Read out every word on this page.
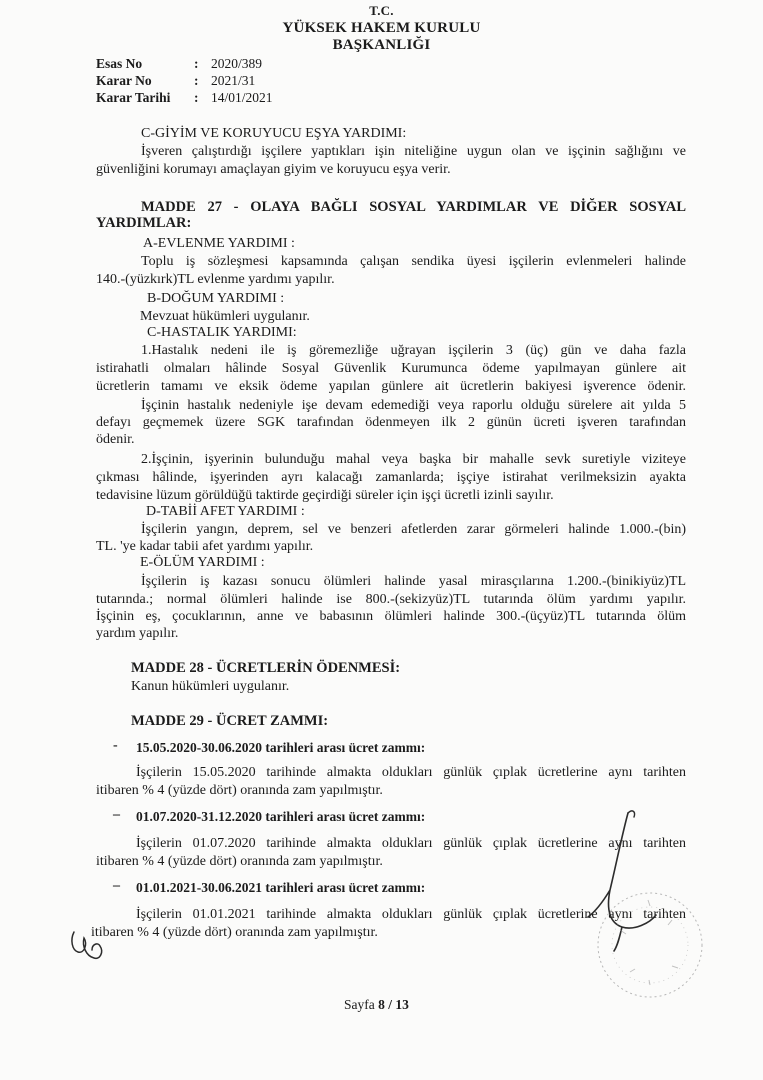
T.C.
YÜKSEK HAKEM KURULU
BAŞKANLIĞI
Esas No	: 2020/389
Karar No	: 2021/31
Karar Tarihi : 14/01/2021
C-GİYİM VE KORUYUCU EŞYA YARDIMI:
İşveren çalıştırdığı işçilere yaptıkları işin niteliğine uygun olan ve işçinin sağlığını ve
güvenliğini korumayı amaçlayan giyim ve koruyucu eşya verir.
MADDE 27 - OLAYA BAĞLI SOSYAL YARDIMLAR VE DİĞER SOSYAL
YARDIMLAR:
A-EVLENME YARDIMI :
Toplu iş sözleşmesi kapsamında çalışan sendika üyesi işçilerin evlenmeleri halinde
140.-(yüzkırk)TL evlenme yardımı yapılır.
B-DOĞUM YARDIMI :
Mevzuat hükümleri uygulanır.
C-HASTALIK YARDIMI:
1.Hastalık nedeni ile iş göremezliğe uğrayan işçilerin 3 (üç) gün ve daha fazla
istirahatli olmaları hâlinde Sosyal Güvenlik Kurumunca ödeme yapılmayan günlere ait
ücretlerin tamamı ve eksik ödeme yapılan günlere ait ücretlerin bakiyesi işverence ödenir.
İşçinin hastalık nedeniyle işe devam edemediği veya raporlu olduğu sürelere ait yılda 5
defayı geçmemek üzere SGK tarafından ödenmeyen ilk 2 günün ücreti işveren tarafından
ödenir.
2.İşçinin, işyerinin bulunduğu mahal veya başka bir mahalle sevk suretiyle viziteye
çıkması hâlinde, işyerinden ayrı kalacağı zamanlarda; işçiye istirahat verilmeksizin ayakta
tedavisine lüzum görüldüğü taktirde geçirdiği süreler için işçi ücretli izinli sayılır.
D-TABİİ AFET YARDIMI :
İşçilerin yangın, deprem, sel ve benzeri afetlerden zarar görmeleri halinde 1.000.-(bin)
TL. 'ye kadar tabii afet yardımı yapılır.
E-ÖLÜM YARDIMI :
İşçilerin iş kazası sonucu ölümleri halinde yasal mirasçılarına 1.200.-(binikiyüz)TL
tutarında.; normal ölümleri halinde ise 800.-(sekizyüz)TL tutarında ölüm yardımı yapılır.
İşçinin eş, çocuklarının, anne ve babasının ölümleri halinde 300.-(üçyüz)TL tutarında ölüm
yardım yapılır.
MADDE 28 - ÜCRETLERİN ÖDENMESİ:
Kanun hükümleri uygulanır.
MADDE 29 - ÜCRET ZAMMI:
- 15.05.2020-30.06.2020 tarihleri arası ücret zammı:
İşçilerin 15.05.2020 tarihinde almakta oldukları günlük çıplak ücretlerine aynı tarihten
itibaren % 4 (yüzde dört) oranında zam yapılmıştır.
– 01.07.2020-31.12.2020 tarihleri arası ücret zammı:
İşçilerin 01.07.2020 tarihinde almakta oldukları günlük çıplak ücretlerine aynı tarihten
itibaren % 4 (yüzde dört) oranında zam yapılmıştır.
– 01.01.2021-30.06.2021 tarihleri arası ücret zammı:
İşçilerin 01.01.2021 tarihinde almakta oldukları günlük çıplak ücretlerine aynı tarihten
itibaren % 4 (yüzde dört) oranında zam yapılmıştır.
Sayfa 8 / 13
